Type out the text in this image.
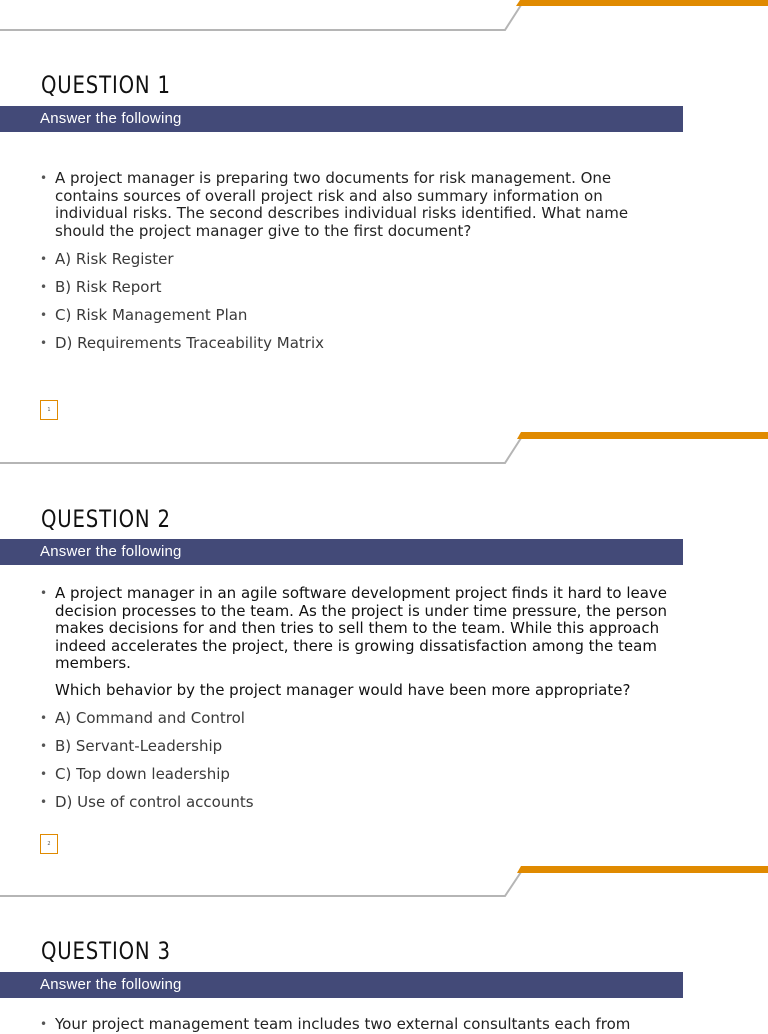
QUESTION 1
Answer the following
• A project manager is preparing two documents for risk management. One contains sources of overall project risk and also summary information on individual risks. The second describes individual risks identified. What name should the project manager give to the first document?
• A) Risk Register
• B) Risk Report
• C) Risk Management Plan
• D) Requirements Traceability Matrix
1
QUESTION 2
Answer the following
• A project manager in an agile software development project finds it hard to leave decision processes to the team. As the project is under time pressure, the person makes decisions for and then tries to sell them to the team. While this approach indeed accelerates the project, there is growing dissatisfaction among the team members.
Which behavior by the project manager would have been more appropriate?
• A) Command and Control
• B) Servant-Leadership
• C) Top down leadership
• D) Use of control accounts
2
QUESTION 3
Answer the following
• Your project management team includes two external consultants each from
